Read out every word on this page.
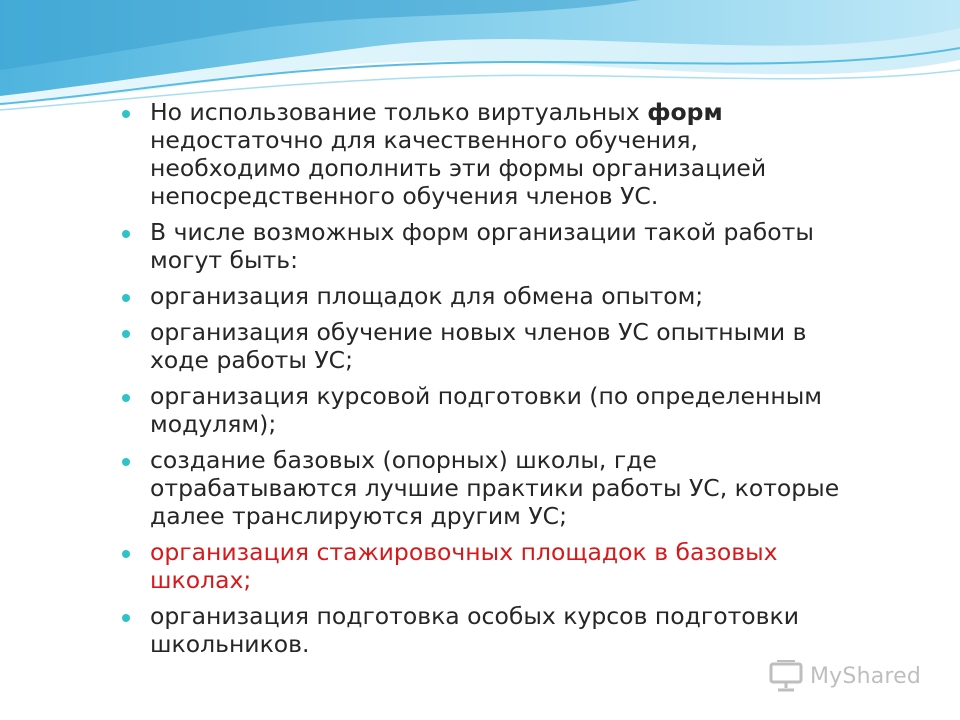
Но использование только виртуальных форм недостаточно для качественного обучения, необходимо дополнить эти формы организацией непосредственного обучения членов УС.
В числе возможных форм организации такой работы могут быть:
организация площадок для обмена опытом;
организация обучение новых членов УС опытными в ходе работы УС;
организация курсовой подготовки (по определенным модулям);
создание базовых (опорных) школы, где отрабатываются лучшие практики работы УС, которые далее транслируются другим УС;
организация стажировочных площадок в базовых школах;
организация подготовка особых курсов подготовки школьников.
MyShared
